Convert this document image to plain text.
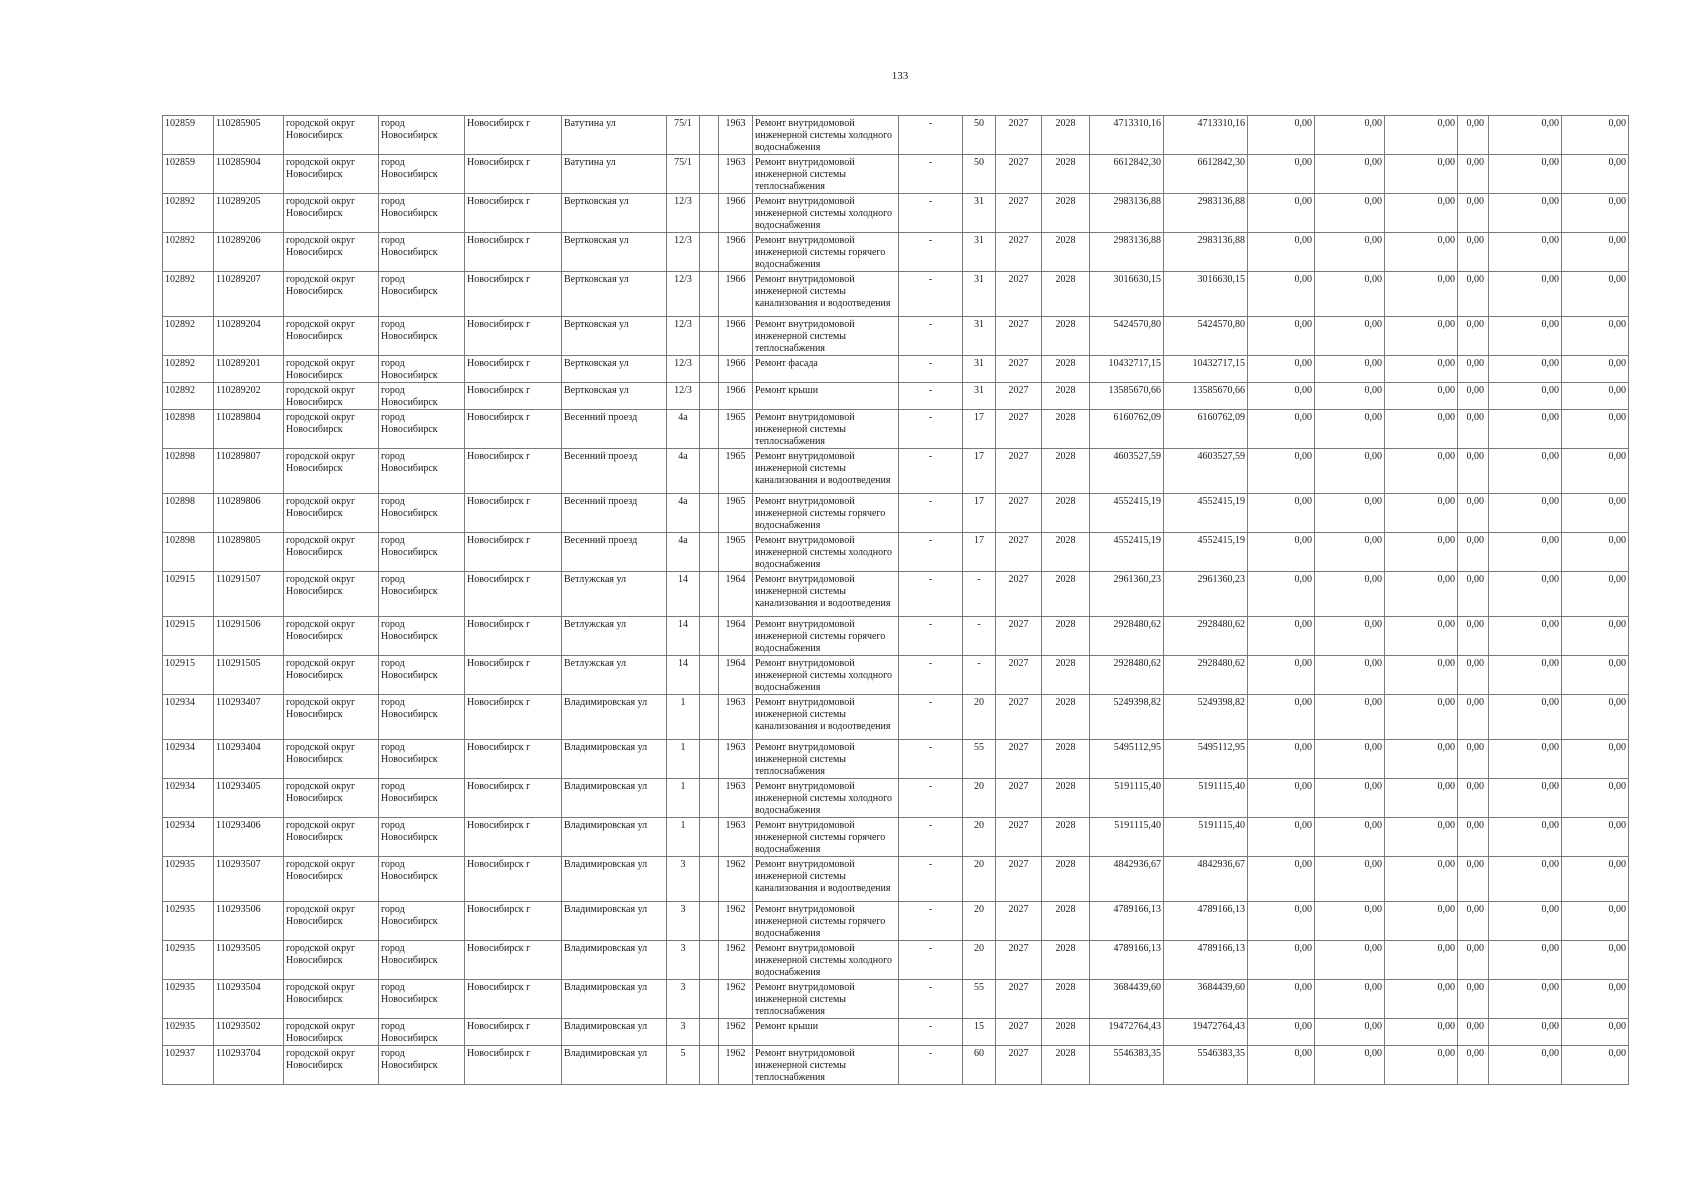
133
102859	110285905	городской округ
Новосибирск	город
Новосибирск	Новосибирск г	Ватутина ул	75/1		1963	Ремонт внутридомовой
инженерной системы холодного
водоснабжения	-	50	2027	2028	4713310,16	4713310,16	0,00	0,00	0,00	0,00	0,00	0,00
102859	110285904	городской округ
Новосибирск	город
Новосибирск	Новосибирск г	Ватутина ул	75/1		1963	Ремонт внутридомовой
инженерной системы
теплоснабжения	-	50	2027	2028	6612842,30	6612842,30	0,00	0,00	0,00	0,00	0,00	0,00
102892	110289205	городской округ
Новосибирск	город
Новосибирск	Новосибирск г	Вертковская ул	12/3		1966	Ремонт внутридомовой
инженерной системы холодного
водоснабжения	-	31	2027	2028	2983136,88	2983136,88	0,00	0,00	0,00	0,00	0,00	0,00
102892	110289206	городской округ
Новосибирск	город
Новосибирск	Новосибирск г	Вертковская ул	12/3		1966	Ремонт внутридомовой
инженерной системы горячего
водоснабжения	-	31	2027	2028	2983136,88	2983136,88	0,00	0,00	0,00	0,00	0,00	0,00
102892	110289207	городской округ
Новосибирск	город
Новосибирск	Новосибирск г	Вертковская ул	12/3		1966	Ремонт внутридомовой
инженерной системы
канализования и водоотведения	-	31	2027	2028	3016630,15	3016630,15	0,00	0,00	0,00	0,00	0,00	0,00
102892	110289204	городской округ
Новосибирск	город
Новосибирск	Новосибирск г	Вертковская ул	12/3		1966	Ремонт внутридомовой
инженерной системы
теплоснабжения	-	31	2027	2028	5424570,80	5424570,80	0,00	0,00	0,00	0,00	0,00	0,00
102892	110289201	городской округ
Новосибирск	город
Новосибирск	Новосибирск г	Вертковская ул	12/3		1966	Ремонт фасада	-	31	2027	2028	10432717,15	10432717,15	0,00	0,00	0,00	0,00	0,00	0,00
102892	110289202	городской округ
Новосибирск	город
Новосибирск	Новосибирск г	Вертковская ул	12/3		1966	Ремонт крыши	-	31	2027	2028	13585670,66	13585670,66	0,00	0,00	0,00	0,00	0,00	0,00
102898	110289804	городской округ
Новосибирск	город
Новосибирск	Новосибирск г	Весенний проезд	4а		1965	Ремонт внутридомовой
инженерной системы
теплоснабжения	-	17	2027	2028	6160762,09	6160762,09	0,00	0,00	0,00	0,00	0,00	0,00
102898	110289807	городской округ
Новосибирск	город
Новосибирск	Новосибирск г	Весенний проезд	4а		1965	Ремонт внутридомовой
инженерной системы
канализования и водоотведения	-	17	2027	2028	4603527,59	4603527,59	0,00	0,00	0,00	0,00	0,00	0,00
102898	110289806	городской округ
Новосибирск	город
Новосибирск	Новосибирск г	Весенний проезд	4а		1965	Ремонт внутридомовой
инженерной системы горячего
водоснабжения	-	17	2027	2028	4552415,19	4552415,19	0,00	0,00	0,00	0,00	0,00	0,00
102898	110289805	городской округ
Новосибирск	город
Новосибирск	Новосибирск г	Весенний проезд	4а		1965	Ремонт внутридомовой
инженерной системы холодного
водоснабжения	-	17	2027	2028	4552415,19	4552415,19	0,00	0,00	0,00	0,00	0,00	0,00
102915	110291507	городской округ
Новосибирск	город
Новосибирск	Новосибирск г	Ветлужская ул	14		1964	Ремонт внутридомовой
инженерной системы
канализования и водоотведения	-	-	2027	2028	2961360,23	2961360,23	0,00	0,00	0,00	0,00	0,00	0,00
102915	110291506	городской округ
Новосибирск	город
Новосибирск	Новосибирск г	Ветлужская ул	14		1964	Ремонт внутридомовой
инженерной системы горячего
водоснабжения	-	-	2027	2028	2928480,62	2928480,62	0,00	0,00	0,00	0,00	0,00	0,00
102915	110291505	городской округ
Новосибирск	город
Новосибирск	Новосибирск г	Ветлужская ул	14		1964	Ремонт внутридомовой
инженерной системы холодного
водоснабжения	-	-	2027	2028	2928480,62	2928480,62	0,00	0,00	0,00	0,00	0,00	0,00
102934	110293407	городской округ
Новосибирск	город
Новосибирск	Новосибирск г	Владимировская ул	1		1963	Ремонт внутридомовой
инженерной системы
канализования и водоотведения	-	20	2027	2028	5249398,82	5249398,82	0,00	0,00	0,00	0,00	0,00	0,00
102934	110293404	городской округ
Новосибирск	город
Новосибирск	Новосибирск г	Владимировская ул	1		1963	Ремонт внутридомовой
инженерной системы
теплоснабжения	-	55	2027	2028	5495112,95	5495112,95	0,00	0,00	0,00	0,00	0,00	0,00
102934	110293405	городской округ
Новосибирск	город
Новосибирск	Новосибирск г	Владимировская ул	1		1963	Ремонт внутридомовой
инженерной системы холодного
водоснабжения	-	20	2027	2028	5191115,40	5191115,40	0,00	0,00	0,00	0,00	0,00	0,00
102934	110293406	городской округ
Новосибирск	город
Новосибирск	Новосибирск г	Владимировская ул	1		1963	Ремонт внутридомовой
инженерной системы горячего
водоснабжения	-	20	2027	2028	5191115,40	5191115,40	0,00	0,00	0,00	0,00	0,00	0,00
102935	110293507	городской округ
Новосибирск	город
Новосибирск	Новосибирск г	Владимировская ул	3		1962	Ремонт внутридомовой
инженерной системы
канализования и водоотведения	-	20	2027	2028	4842936,67	4842936,67	0,00	0,00	0,00	0,00	0,00	0,00
102935	110293506	городской округ
Новосибирск	город
Новосибирск	Новосибирск г	Владимировская ул	3		1962	Ремонт внутридомовой
инженерной системы горячего
водоснабжения	-	20	2027	2028	4789166,13	4789166,13	0,00	0,00	0,00	0,00	0,00	0,00
102935	110293505	городской округ
Новосибирск	город
Новосибирск	Новосибирск г	Владимировская ул	3		1962	Ремонт внутридомовой
инженерной системы холодного
водоснабжения	-	20	2027	2028	4789166,13	4789166,13	0,00	0,00	0,00	0,00	0,00	0,00
102935	110293504	городской округ
Новосибирск	город
Новосибирск	Новосибирск г	Владимировская ул	3		1962	Ремонт внутридомовой
инженерной системы
теплоснабжения	-	55	2027	2028	3684439,60	3684439,60	0,00	0,00	0,00	0,00	0,00	0,00
102935	110293502	городской округ
Новосибирск	город
Новосибирск	Новосибирск г	Владимировская ул	3		1962	Ремонт крыши	-	15	2027	2028	19472764,43	19472764,43	0,00	0,00	0,00	0,00	0,00	0,00
102937	110293704	городской округ
Новосибирск	город
Новосибирск	Новосибирск г	Владимировская ул	5		1962	Ремонт внутридомовой
инженерной системы
теплоснабжения	-	60	2027	2028	5546383,35	5546383,35	0,00	0,00	0,00	0,00	0,00	0,00
